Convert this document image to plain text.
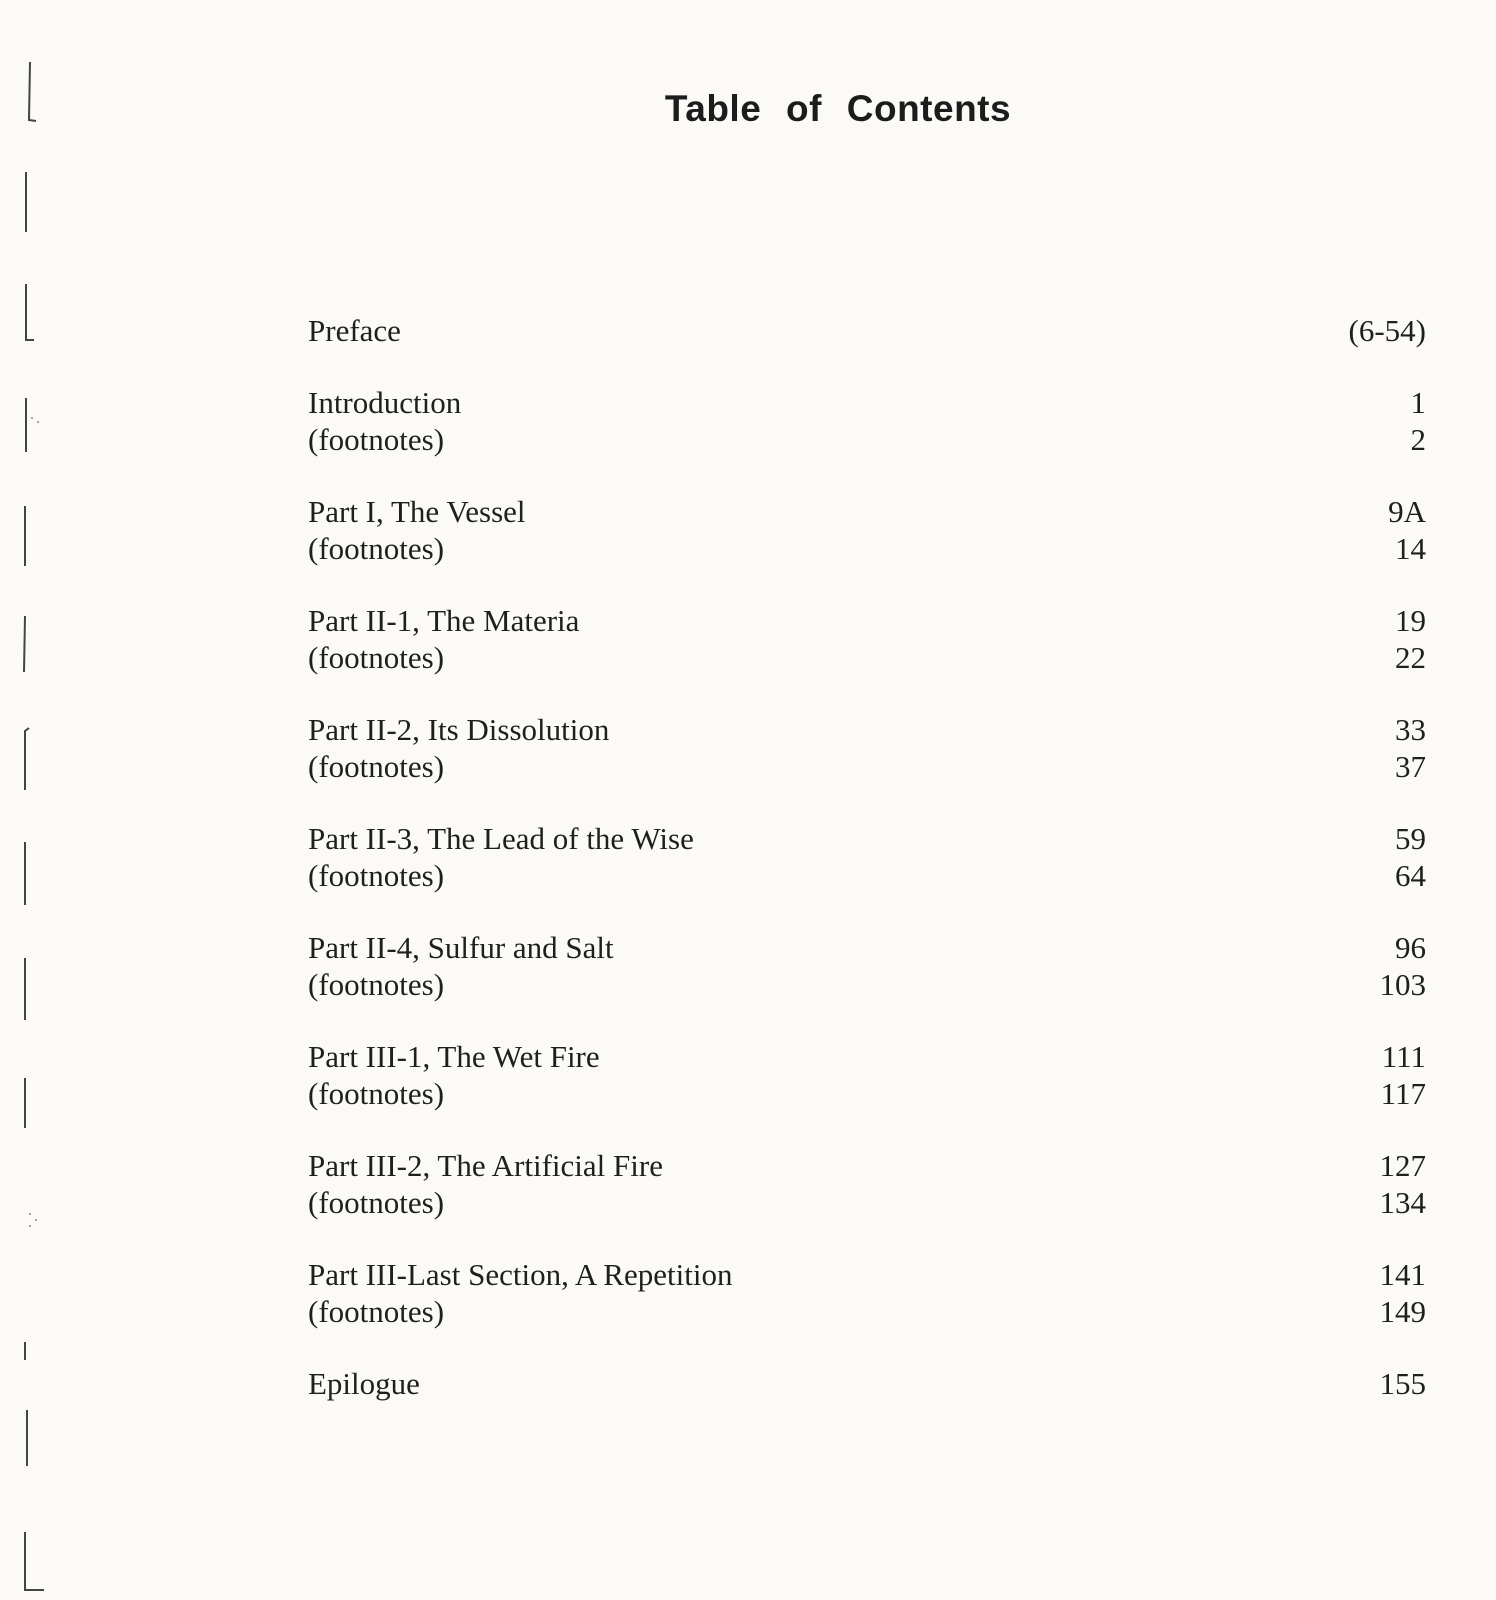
Table of Contents
Preface	(6-54)
Introduction	1
(footnotes)	2
Part I, The Vessel	9A
(footnotes)	14
Part II-1, The Materia	19
(footnotes)	22
Part II-2, Its Dissolution	33
(footnotes)	37
Part II-3, The Lead of the Wise	59
(footnotes)	64
Part II-4, Sulfur and Salt	96
(footnotes)	103
Part III-1, The Wet Fire	111
(footnotes)	117
Part III-2, The Artificial Fire	127
(footnotes)	134
Part III-Last Section, A Repetition	141
(footnotes)	149
Epilogue	155
